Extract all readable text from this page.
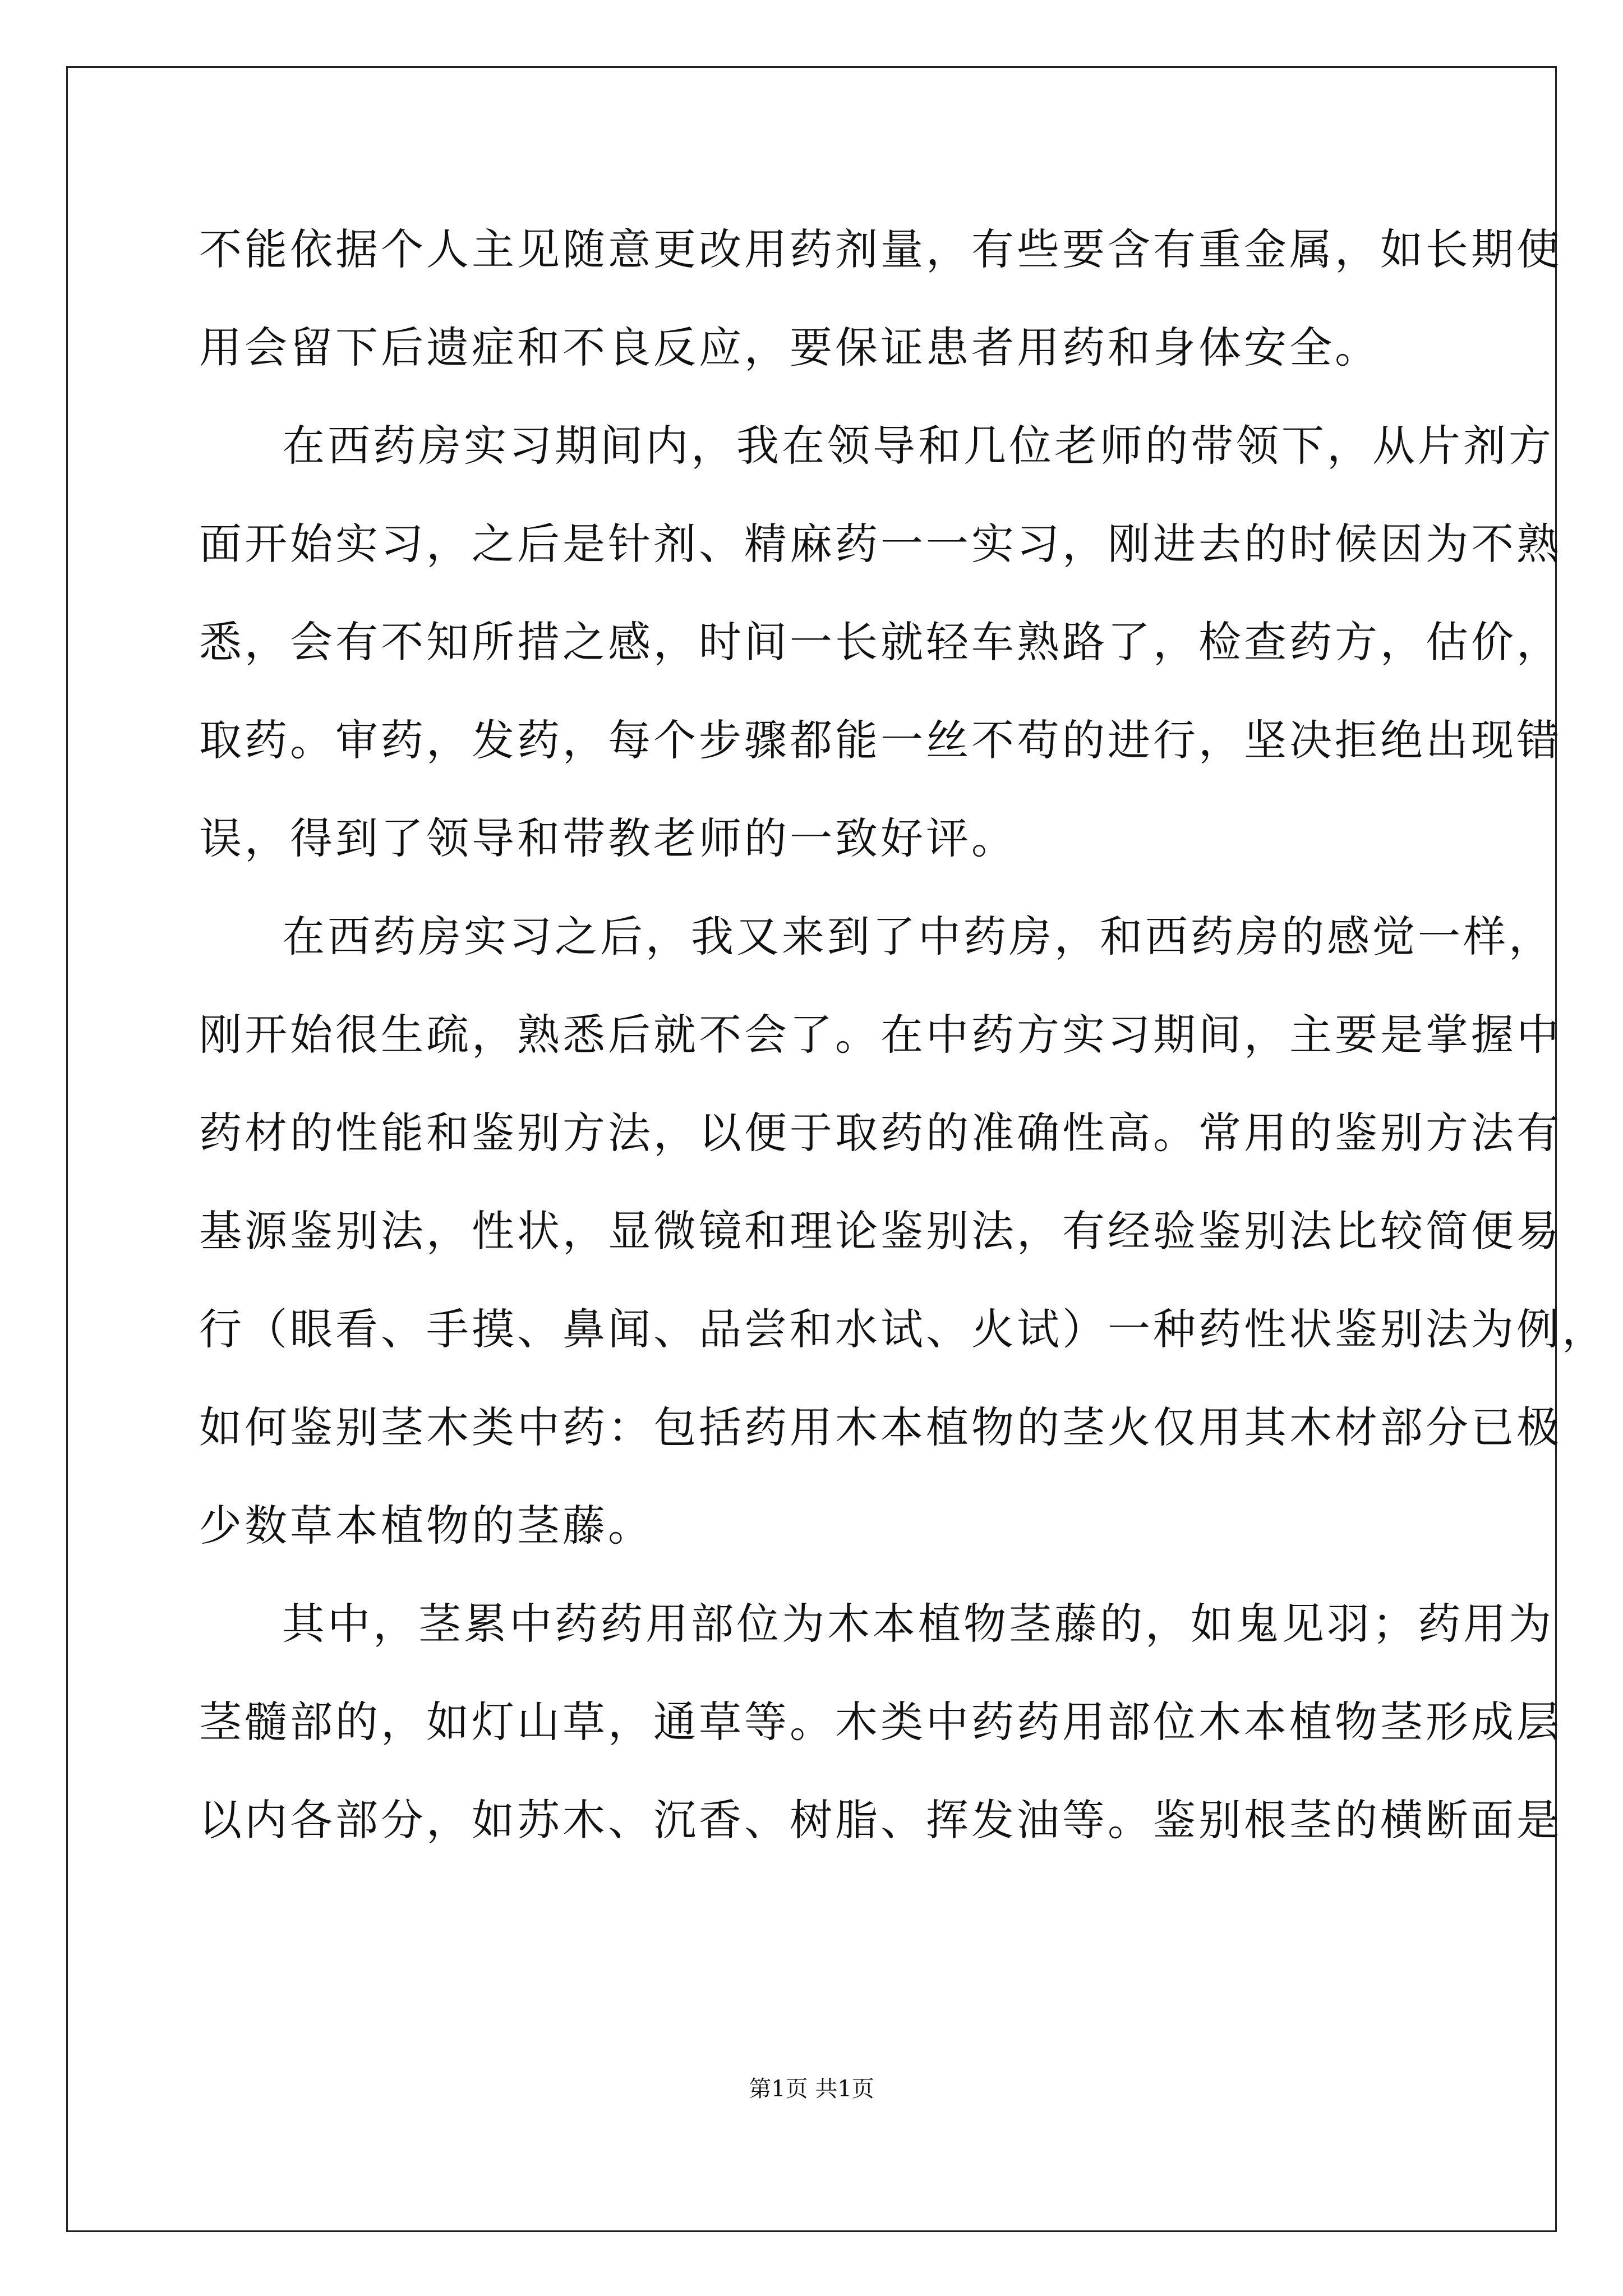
不能依据个人主见随意更改用药剂量，有些要含有重金属，如长期使
用会留下后遗症和不良反应，要保证患者用药和身体安全。
在西药房实习期间内，我在领导和几位老师的带领下，从片剂方
面开始实习，之后是针剂、精麻药一一实习，刚进去的时候因为不熟
悉，会有不知所措之感，时间一长就轻车熟路了，检查药方，估价，
取药。审药，发药，每个步骤都能一丝不苟的进行，坚决拒绝出现错
误，得到了领导和带教老师的一致好评。
在西药房实习之后，我又来到了中药房，和西药房的感觉一样，
刚开始很生疏，熟悉后就不会了。在中药方实习期间，主要是掌握中
药材的性能和鉴别方法，以便于取药的准确性高。常用的鉴别方法有
基源鉴别法，性状，显微镜和理论鉴别法，有经验鉴别法比较简便易
行（眼看、手摸、鼻闻、品尝和水试、火试）一种药性状鉴别法为例，
如何鉴别茎木类中药：包括药用木本植物的茎火仅用其木材部分已极
少数草本植物的茎藤。
其中，茎累中药药用部位为木本植物茎藤的，如鬼见羽；药用为
茎髓部的，如灯山草，通草等。木类中药药用部位木本植物茎形成层
以内各部分，如苏木、沉香、树脂、挥发油等。鉴别根茎的横断面是
第1页 共1页
